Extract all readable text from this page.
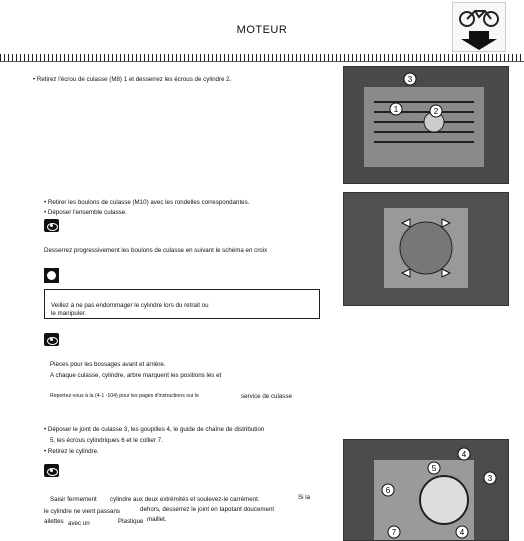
MOTEUR
• Retirez l'écrou de culasse (M8) 1 et desserrez les écrous de cylindre 2.	3
1	2
• Retirer les boulons de culasse (M10) avec les rondelles correspondantes.
• Déposer l'ensemble culasse.
Desserrez progressivement les boulons de culasse en suivant le schéma en croix
Veillez à ne pas endommager le cylindre lors du retrait ou
le manipuler.
Pièces pour les bossages avant et arrière.
A chaque culasse, cylindre, arbre marquent les positions les et
Reportez-vous à la (4-1 -104) pour les pages d'instructions sur le	service de culasse
• Déposer le joint de culasse 3, les goupilles 4, le guide de chaîne de distribution
5, les écrous cylindriques 6 et le collier 7.
• Retirez le cylindre.	4
3
5
4
6
7
Saisir fermement cylindre aux deux extrémités et soulevez-le carrément.	Si la
le cylindre ne vient passans	dehors, desserrez le joint en tapotant doucement
ailettes avec un	Plastique maillet.
